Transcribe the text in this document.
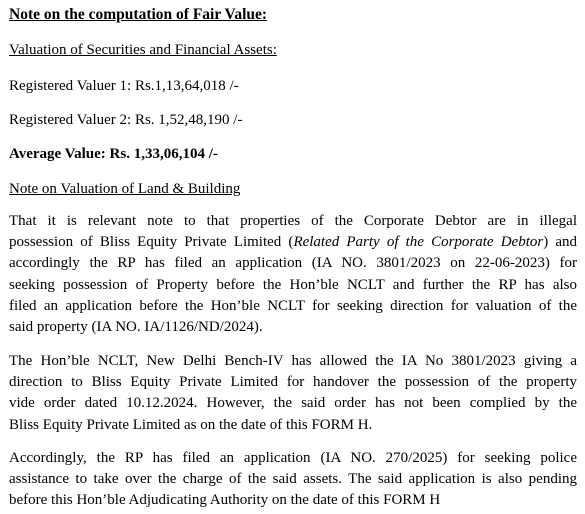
Note on the computation of Fair Value:
Valuation of Securities and Financial Assets:
Registered Valuer 1: Rs.1,13,64,018 /-
Registered Valuer 2: Rs. 1,52,48,190 /-
Average Value: Rs. 1,33,06,104 /-
Note on Valuation of Land & Building
That it is relevant note to that properties of the Corporate Debtor are in illegal
possession of Bliss Equity Private Limited (Related Party of the Corporate Debtor) and
accordingly the RP has filed an application (IA NO. 3801/2023 on 22-06-2023) for
seeking possession of Property before the Hon’ble NCLT and further the RP has also
filed an application before the Hon’ble NCLT for seeking direction for valuation of the
said property (IA NO. IA/1126/ND/2024).
The Hon’ble NCLT, New Delhi Bench-IV has allowed the IA No 3801/2023 giving a
direction to Bliss Equity Private Limited for handover the possession of the property
vide order dated 10.12.2024. However, the said order has not been complied by the
Bliss Equity Private Limited as on the date of this FORM H.
Accordingly, the RP has filed an application (IA NO. 270/2025) for seeking police
assistance to take over the charge of the said assets. The said application is also pending
before this Hon’ble Adjudicating Authority on the date of this FORM H
